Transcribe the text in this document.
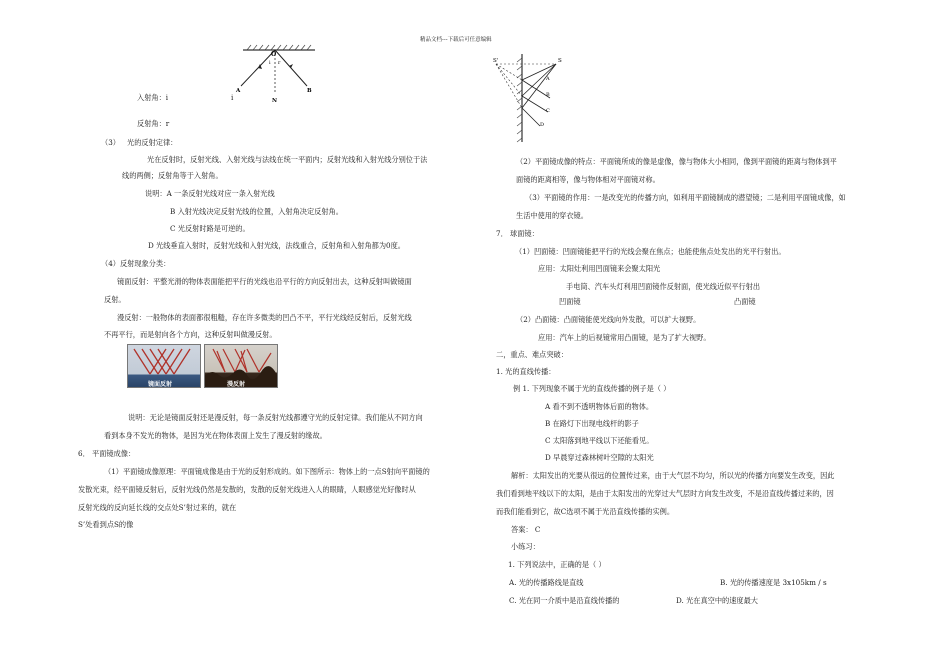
精品文档---下载后可任意编辑
O
A
N
B
i r
入射角：i	i
反射角：r
（3） 光的反射定律：
光在反射时，反射光线、入射光线与法线在统一平面内；反射光线和入射光线分别位于法
线的两侧；反射角等于入射角。
说明：A 一条反射光线对应一条入射光线
B 入射光线决定反射光线的位置，入射角决定反射角。
C 光反射时路是可逆的。
D 光线垂直入射时，反射光线和入射光线，法线重合，反射角和入射角都为0度。
（4）反射现象分类：
镜面反射：平整光滑的物体表面能把平行的光线也沿平行的方向反射出去，这种反射叫做镜面
反射。
漫反射：一般物体的表面都很粗糙，存在许多微类的凹凸不平，平行光线经反射后，反射光线
不再平行，而是射向各个方向，这种反射叫做漫反射。
镜面反射	漫反射
说明：无论是镜面反射还是漫反射，每一条反射光线都遵守光的反射定律。我们能从不同方向
看到本身不发光的物体，是因为光在物体表面上发生了漫反射的缘故。
6． 平面镜成像：
（1）平面镜成像原理：平面镜成像是由于光的反射形成的。如下图所示：物体上的一点S射向平面镜的
发散光束，经平面镜反射后，反射光线仍然是发散的，发散的反射光线进入人的眼睛，人眼感觉光好像时从
反射光线的反向延长线的交点处S’射过来的，就在
S’处看到点S的像
S'	S
A
B
C
D
（2）平面镜成像的特点：平面镜所成的像是虚像，像与物体大小相同，像到平面镜的距离与物体到平
面镜的距离相等，像与物体相对平面镜对称。
（3）平面镜的作用：一是改变光的传播方向，如利用平面镜制成的潜望镜；二是利用平面镜成像，如
生活中使用的穿衣镜。
7． 球面镜：
（1）凹面镜：凹面镜能把平行的光线会聚在焦点；也能使焦点处发出的光平行射出。
应用：太阳灶利用凹面镜来会聚太阳光
手电筒、汽车头灯利用凹面镜作反射面，使光线近似平行射出
凹面镜	凸面镜
（2）凸面镜：凸面镜能使光线向外发散，可以扩大视野。
应用：汽车上的后视镜常用凸面镜，是为了扩大视野。
二，重点、难点突破：
1. 光的直线传播：
例 1. 下列现象不属于光的直线传播的例子是（ ）
A 看不到不透明物体后面的物体。
B 在路灯下出现电线杆的影子
C 太阳落到地平线以下还能看见。
D 早晨穿过森林树叶空隙的太阳光
解析：太阳发出的光要从很远的位置传过来，由于大气层不均匀，所以光的传播方向要发生改变，因此
我们看到地平线以下的太阳，是由于太阳发出的光穿过大气层时方向发生改变，不是沿直线传播过来的，因
而我们能看到它，故C选项不属于光沿直线传播的实例。
答案： C
小练习：
1. 下列说法中，正确的是（ ）
A. 光的传播路线是直线	B. 光的传播速度是 3x105km / s
C. 光在同一介质中是沿直线传播的	D. 光在真空中的速度最大
